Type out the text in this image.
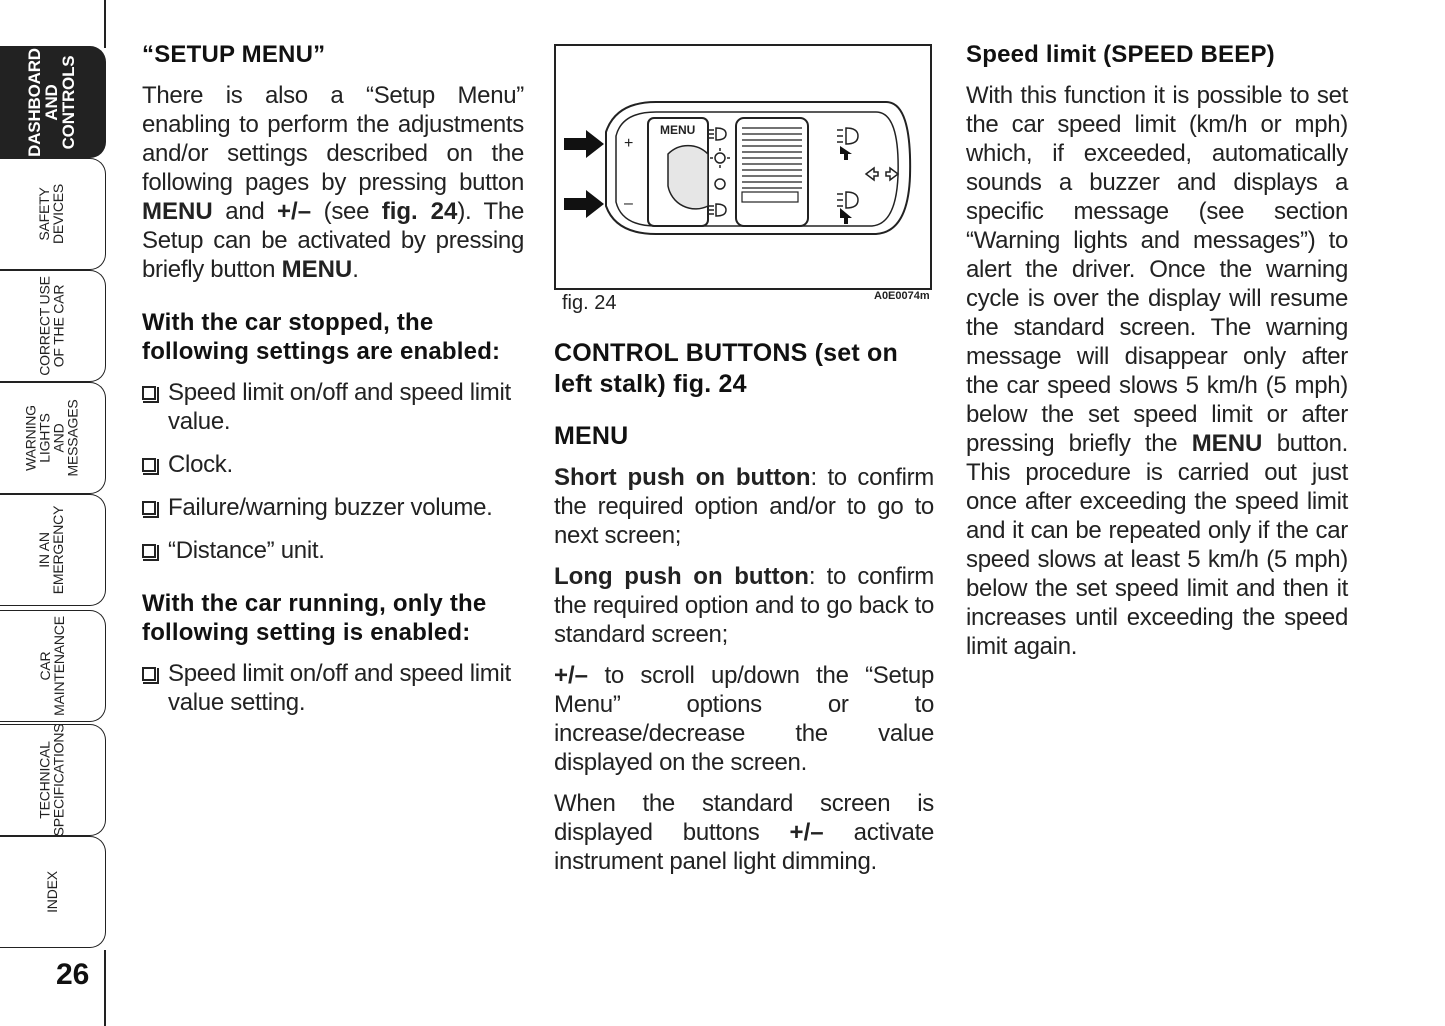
DASHBOARD
AND
CONTROLS
SAFETY
DEVICES
CORRECT USE
OF THE CAR
WARNING LIGHTS
AND MESSAGES
IN AN
EMERGENCY
CAR
MAINTENANCE
TECHNICAL
SPECIFICATIONS
INDEX
26
“SETUP MENU”

There is also a “Setup Menu” enabling to perform the adjustments and/or settings described on the following pages by pressing button MENU and +/– (see fig. 24). The Setup can be activated by pressing briefly button MENU.

With the car stopped, the following settings are enabled:
Speed limit on/off and speed limit value.
Clock.
Failure/warning buzzer volume.
“Distance” unit.
With the car running, only the following setting is enabled:
Speed limit on/off and speed limit value setting.
MENU
+
–
fig. 24	A0E0074m
CONTROL BUTTONS (set on left stalk) fig. 24
MENU

Short push on button: to confirm the required option and/or to go to next screen;

Long push on button: to confirm the required option and to go back to standard screen;

+/– to scroll up/down the “Setup Menu” options or to increase/decrease the value displayed on the screen.

When the standard screen is displayed buttons +/– activate instrument panel light dimming.

Speed limit (SPEED BEEP)

With this function it is possible to set the car speed limit (km/h or mph) which, if exceeded, automatically sounds a buzzer and displays a specific message (see section “Warning lights and messages”) to alert the driver. Once the warning cycle is over the display will resume the standard screen. The warning message will disappear only after the car speed slows 5 km/h (5 mph) below the set speed limit or after pressing briefly the MENU button. This procedure is carried out just once after exceeding the speed limit and it can be repeated only if the car speed slows at least 5 km/h (5 mph) below the set speed limit and then it increases until exceeding the speed limit again.
